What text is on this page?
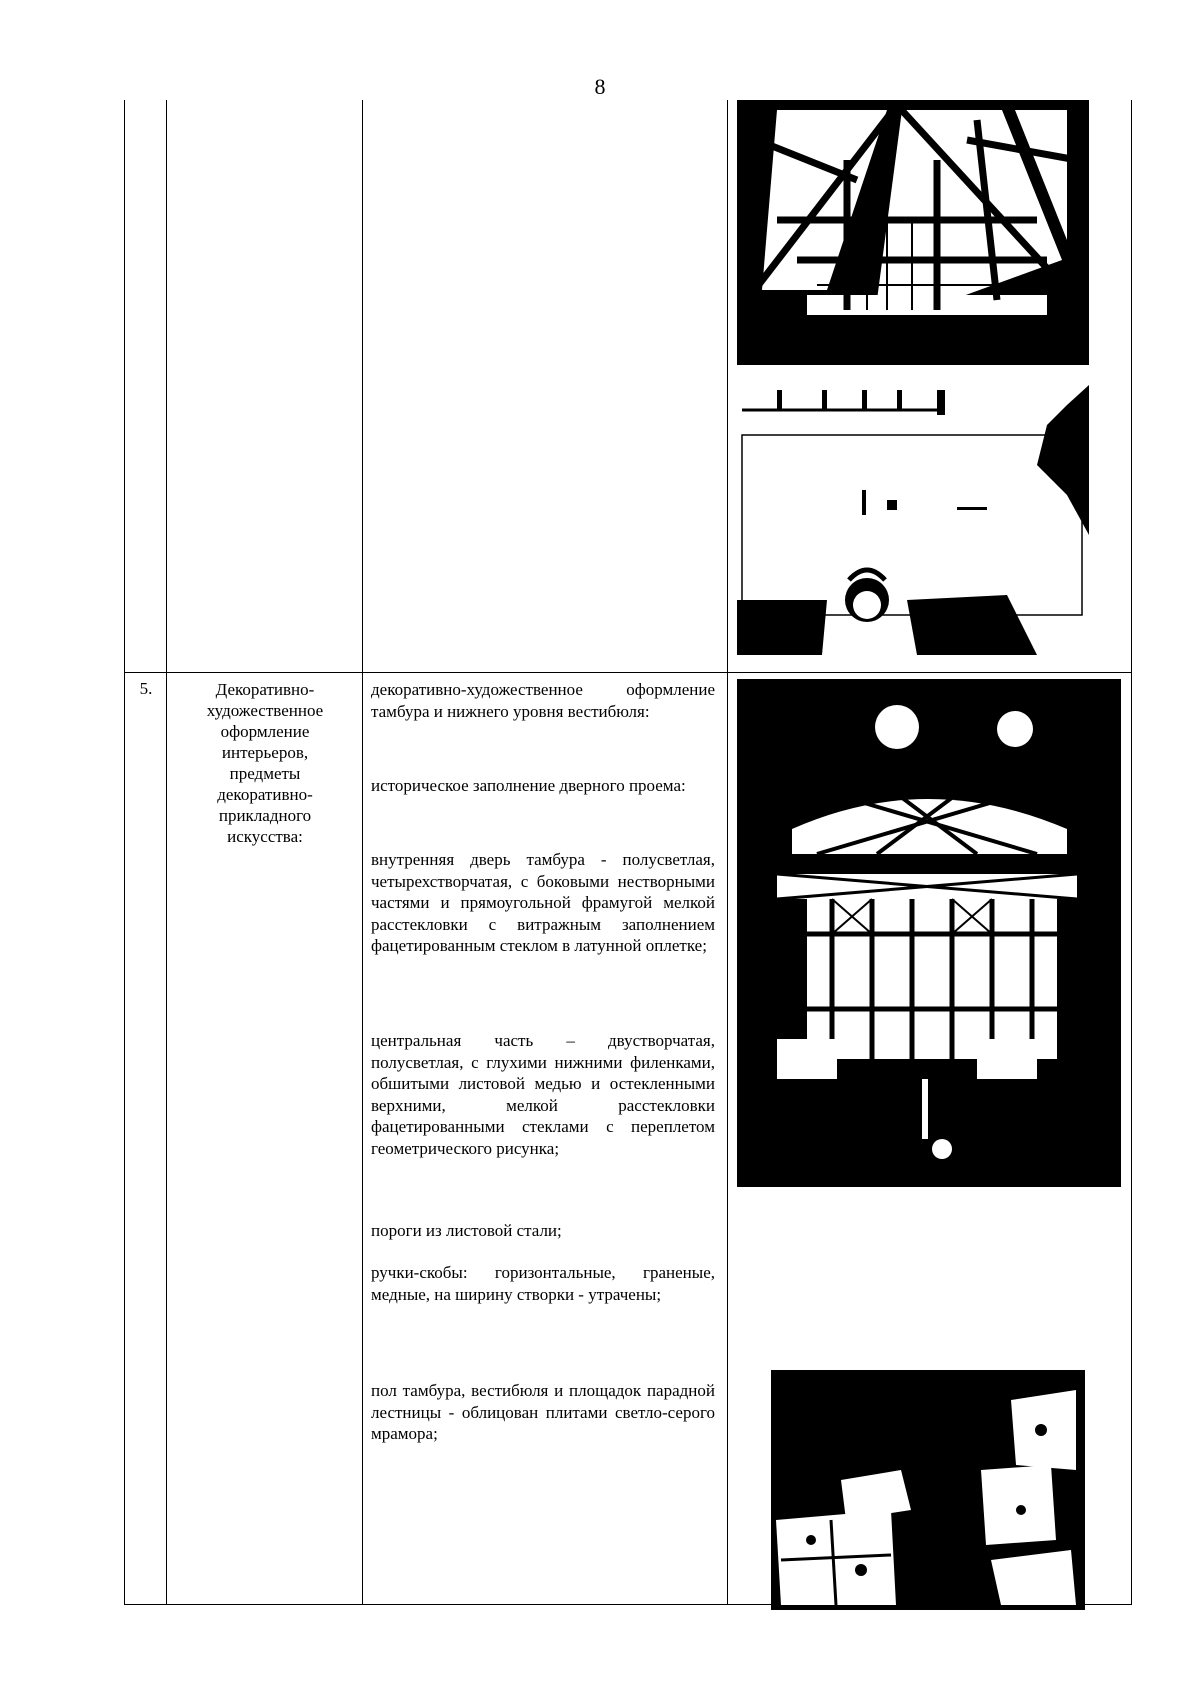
8
5.	Декоративно-
художественное
оформление
интерьеров,
предметы
декоративно-
прикладного
искусства:

декоративно-художественное оформление тамбура и нижнего уровня вестибюля:

историческое заполнение дверного проема:

внутренняя дверь тамбура - полусветлая, четырехстворчатая, с боковыми нестворными частями и прямоугольной фрамугой мелкой расстекловки с витражным заполнением фацетированным стеклом в латунной оплетке;

центральная часть – двустворчатая, полусветлая, с глухими нижними филенками, обшитыми листовой медью и остекленными верхними, мелкой расстекловки фацетированными стеклами с переплетом геометрического рисунка;

пороги из листовой стали;

ручки-скобы: горизонтальные, граненые, медные, на ширину створки - утрачены;

пол тамбура, вестибюля и площадок парадной лестницы - облицован плитами светло-серого мрамора;
